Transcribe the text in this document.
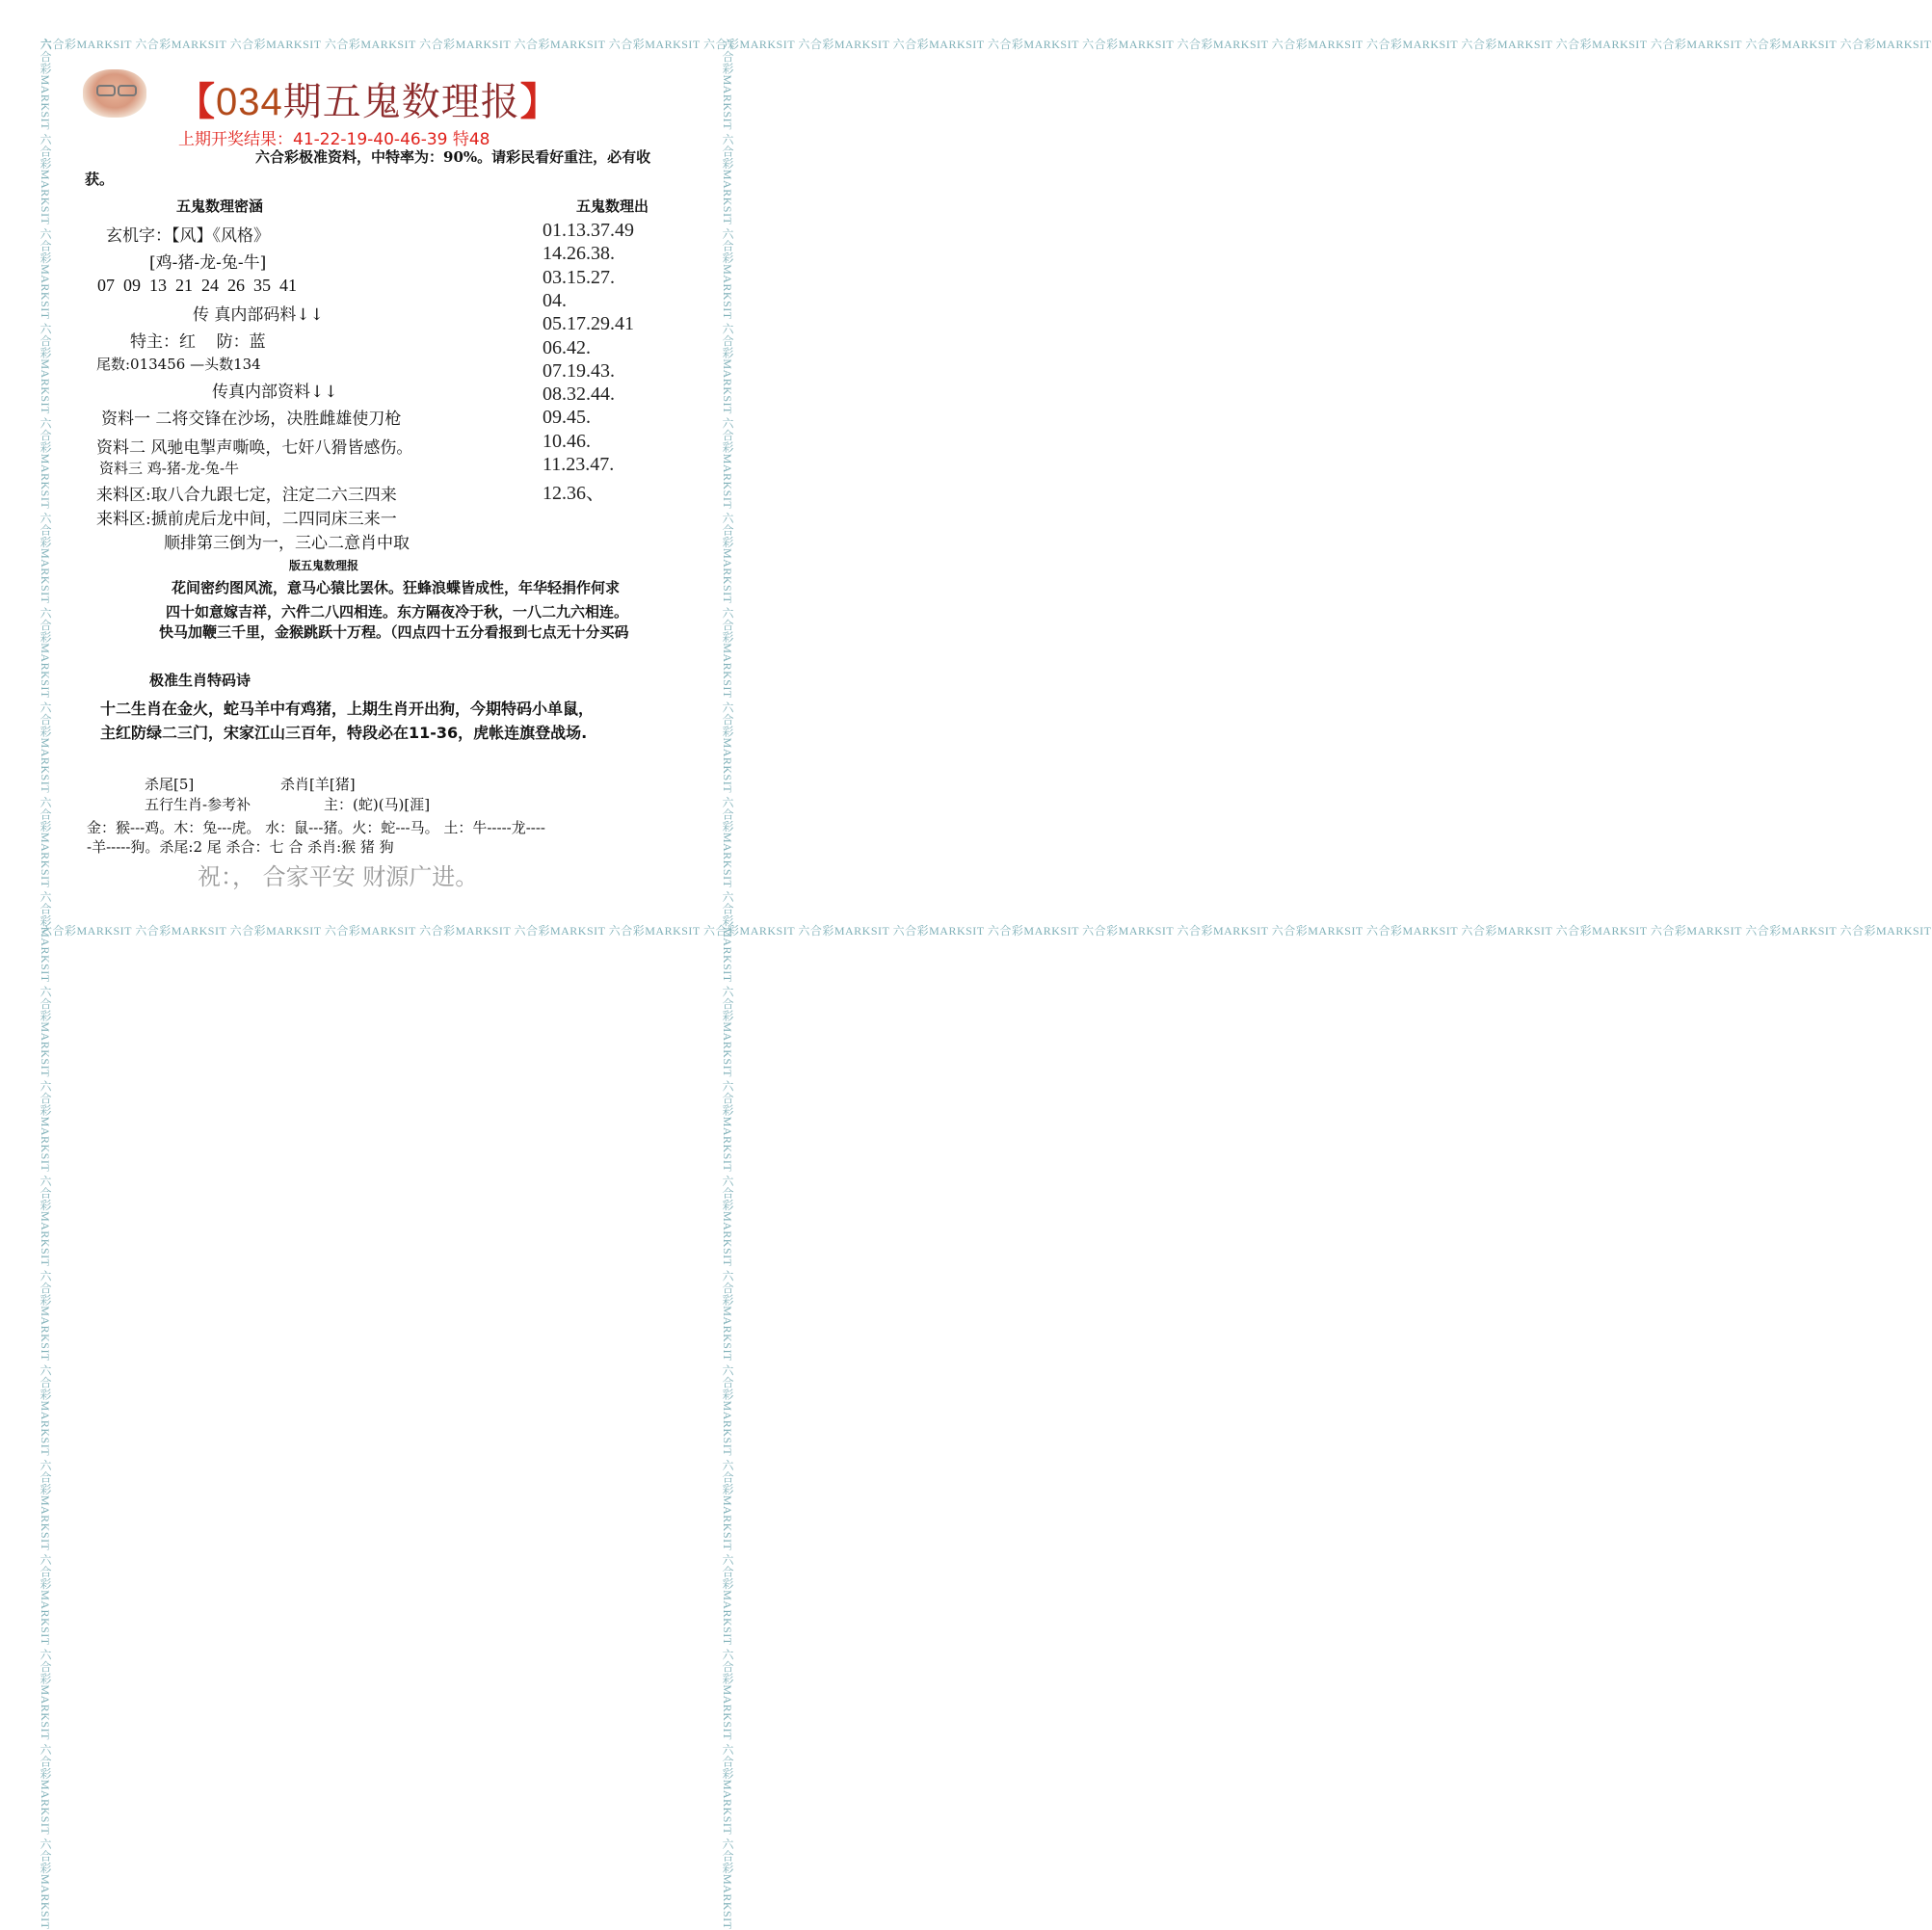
六合彩MARKSIT 六合彩MARKSIT 六合彩MARKSIT 六合彩MARKSIT 六合彩MARKSIT 六合彩MARKSIT 六合彩MARKSIT 六合彩MARKSIT 六合彩MARKSIT 六合彩MARKSIT 六合彩MARKSIT 六合彩MARKSIT 六合彩MARKSIT 六合彩MARKSIT 六合彩MARKSIT 六合彩MARKSIT 六合彩MARKSIT 六合彩MARKSIT 六合彩MARKSIT 六合彩MARKSIT
六合彩MARKSIT 六合彩MARKSIT 六合彩MARKSIT 六合彩MARKSIT 六合彩MARKSIT 六合彩MARKSIT 六合彩MARKSIT 六合彩MARKSIT 六合彩MARKSIT 六合彩MARKSIT 六合彩MARKSIT 六合彩MARKSIT 六合彩MARKSIT 六合彩MARKSIT 六合彩MARKSIT 六合彩MARKSIT 六合彩MARKSIT 六合彩MARKSIT 六合彩MARKSIT 六合彩MARKSIT
六合彩MARKSIT 六合彩MARKSIT 六合彩MARKSIT 六合彩MARKSIT 六合彩MARKSIT 六合彩MARKSIT 六合彩MARKSIT 六合彩MARKSIT 六合彩MARKSIT 六合彩MARKSIT 六合彩MARKSIT 六合彩MARKSIT 六合彩MARKSIT 六合彩MARKSIT 六合彩MARKSIT 六合彩MARKSIT 六合彩MARKSIT 六合彩MARKSIT 六合彩MARKSIT 六合彩MARKSIT	六合彩MARKSIT 六合彩MARKSIT 六合彩MARKSIT 六合彩MARKSIT 六合彩MARKSIT 六合彩MARKSIT 六合彩MARKSIT 六合彩MARKSIT 六合彩MARKSIT 六合彩MARKSIT 六合彩MARKSIT 六合彩MARKSIT 六合彩MARKSIT 六合彩MARKSIT 六合彩MARKSIT 六合彩MARKSIT 六合彩MARKSIT 六合彩MARKSIT 六合彩MARKSIT 六合彩MARKSIT
【034期五鬼数理报】
上期开奖结果：41-22-19-40-46-39 特48
六合彩极准资料，中特率为：90%。请彩民看好重注，必有收
获。
五鬼数理密涵
玄机字：【风】《风格》
[鸡-猪-龙-兔-牛]
07  09  13  21  24  26  35  41
传 真内部码料↓↓
特主：红    防：蓝
尾数:013456 —头数134
传真内部资料↓↓
资料一 二将交锋在沙场，决胜雌雄使刀枪
资料二 风驰电掣声嘶唤，七奸八猾皆感伤。
资料三 鸡-猪-龙-兔-牛
来料区:取八合九跟七定，注定二六三四来
来料区:搋前虎后龙中间，二四同床三来一
顺排第三倒为一，三心二意肖中取
五鬼数理出
01.13.37.49
14.26.38.
03.15.27.
04.
05.17.29.41
06.42.
07.19.43.
08.32.44.
09.45.
10.46.
11.23.47.
12.36、
版五鬼数理报
花间密约图风流，意马心猿比罢休。狂蜂浪蝶皆成性，年华轻捐作何求
四十如意嫁吉祥，六件二八四相连。东方隔夜冷于秋，一八二九六相连。
快马加鞭三千里，金猴跳跃十万程。（四点四十五分看报到七点无十分买码
极准生肖特码诗
十二生肖在金火，蛇马羊中有鸡猪，上期生肖开出狗，今期特码小单鼠，
主红防绿二三门，宋家江山三百年，特段必在11-36，虎帐连旗登战场.
杀尾[5]	杀肖[羊[猪]
五行生肖-参考补	主：(蛇)(马)[涯]
金：猴---鸡。木：兔---虎。 水：鼠---猪。火：蛇---马。 土：牛-----龙----
-羊-----狗。杀尾:2 尾 杀合：七 合 杀肖:猴 猪 狗
祝：， 合家平安 财源广进。
